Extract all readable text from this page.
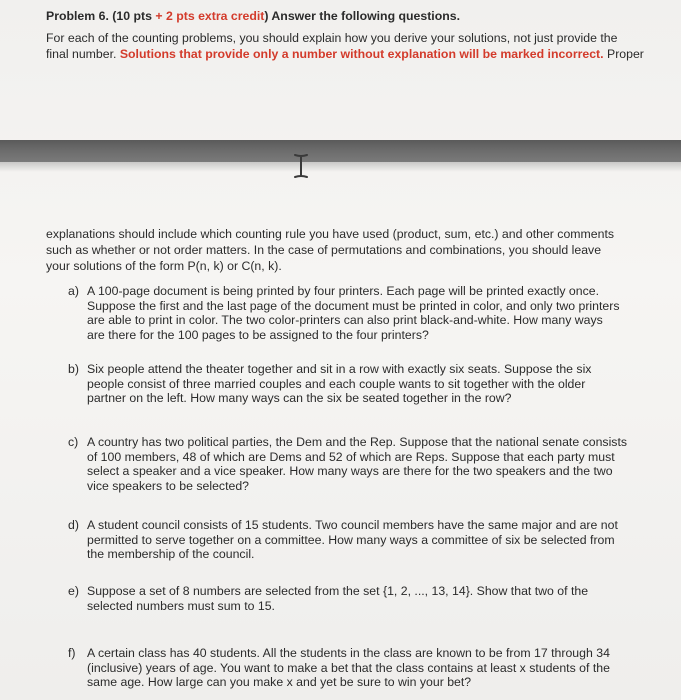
Problem 6. (10 pts + 2 pts extra credit) Answer the following questions.
For each of the counting problems, you should explain how you derive your solutions, not just provide the
final number. Solutions that provide only a number without explanation will be marked incorrect. Proper
explanations should include which counting rule you have used (product, sum, etc.) and other comments
such as whether or not order matters. In the case of permutations and combinations, you should leave
your solutions of the form P(n, k) or C(n, k).
a) A 100-page document is being printed by four printers. Each page will be printed exactly once.
Suppose the first and the last page of the document must be printed in color, and only two printers
are able to print in color. The two color-printers can also print black-and-white. How many ways
are there for the 100 pages to be assigned to the four printers?
b) Six people attend the theater together and sit in a row with exactly six seats. Suppose the six
people consist of three married couples and each couple wants to sit together with the older
partner on the left. How many ways can the six be seated together in the row?
c) A country has two political parties, the Dem and the Rep. Suppose that the national senate consists
of 100 members, 48 of which are Dems and 52 of which are Reps. Suppose that each party must
select a speaker and a vice speaker. How many ways are there for the two speakers and the two
vice speakers to be selected?
d) A student council consists of 15 students. Two council members have the same major and are not
permitted to serve together on a committee. How many ways a committee of six be selected from
the membership of the council.
e) Suppose a set of 8 numbers are selected from the set {1, 2, ..., 13, 14}. Show that two of the
selected numbers must sum to 15.
f) A certain class has 40 students. All the students in the class are known to be from 17 through 34
(inclusive) years of age. You want to make a bet that the class contains at least x students of the
same age. How large can you make x and yet be sure to win your bet?
